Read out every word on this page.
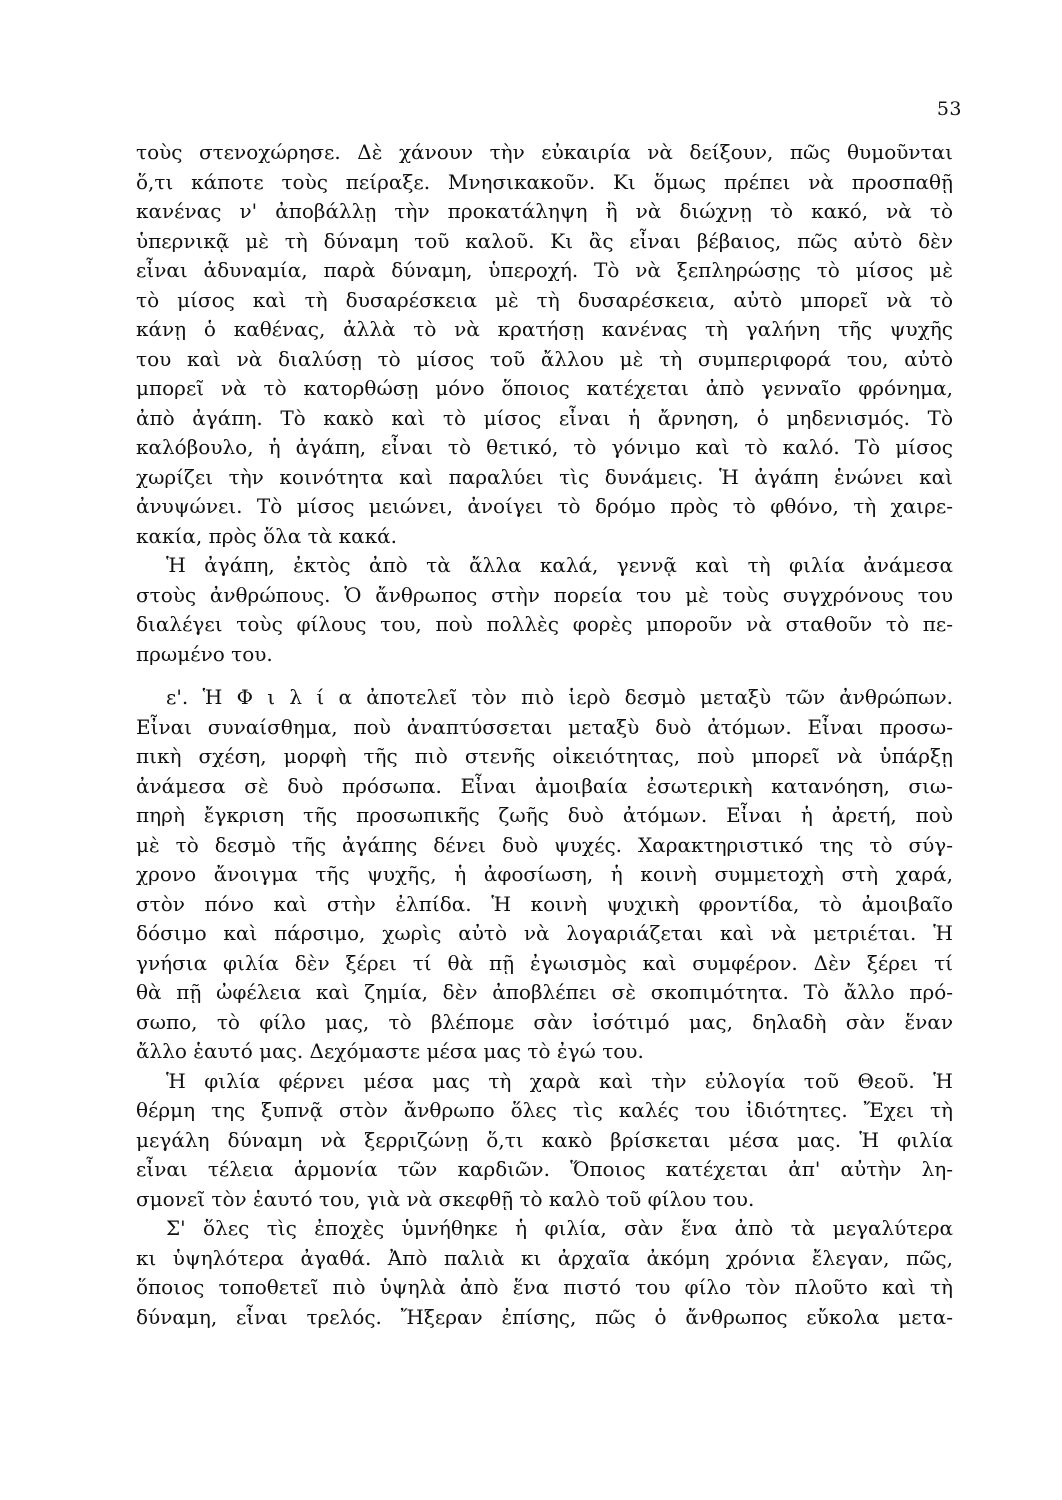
53
τοὺς στενοχώρησε. Δὲ χάνουν τὴν εὐκαιρία νὰ δείξουν, πῶς θυμοῦνται
ὅ,τι κάποτε τοὺς πείραξε. Μνησικακοῦν. Κι ὅμως πρέπει νὰ προσπαθῇ
κανένας ν' ἀποβάλλῃ τὴν προκατάληψη ἢ νὰ διώχνῃ τὸ κακό, νὰ τὸ
ὑπερνικᾷ μὲ τὴ δύναμη τοῦ καλοῦ. Κι ἂς εἶναι βέβαιος, πῶς αὐτὸ δὲν
εἶναι ἀδυναμία, παρὰ δύναμη, ὑπεροχή. Τὸ νὰ ξεπληρώσῃς τὸ μίσος μὲ
τὸ μίσος καὶ τὴ δυσαρέσκεια μὲ τὴ δυσαρέσκεια, αὐτὸ μπορεῖ νὰ τὸ
κάνῃ ὁ καθένας, ἀλλὰ τὸ νὰ κρατήσῃ κανένας τὴ γαλήνη τῆς ψυχῆς
του καὶ νὰ διαλύσῃ τὸ μίσος τοῦ ἄλλου μὲ τὴ συμπεριφορά του, αὐτὸ
μπορεῖ νὰ τὸ κατορθώσῃ μόνο ὅποιος κατέχεται ἀπὸ γενναῖο φρόνημα,
ἀπὸ ἀγάπη. Τὸ κακὸ καὶ τὸ μίσος εἶναι ἡ ἄρνηση, ὁ μηδενισμός. Τὸ
καλόβουλο, ἡ ἀγάπη, εἶναι τὸ θετικό, τὸ γόνιμο καὶ τὸ καλό. Τὸ μίσος
χωρίζει τὴν κοινότητα καὶ παραλύει τὶς δυνάμεις. Ἡ ἀγάπη ἑνώνει καὶ
ἀνυψώνει. Τὸ μίσος μειώνει, ἀνοίγει τὸ δρόμο πρὸς τὸ φθόνο, τὴ χαιρε-
κακία, πρὸς ὅλα τὰ κακά.
Ἡ ἀγάπη, ἐκτὸς ἀπὸ τὰ ἄλλα καλά, γεννᾷ καὶ τὴ φιλία ἀνάμεσα
στοὺς ἀνθρώπους. Ὁ ἄνθρωπος στὴν πορεία του μὲ τοὺς συγχρόνους του
διαλέγει τοὺς φίλους του, ποὺ πολλὲς φορὲς μποροῦν νὰ σταθοῦν τὸ πε-
πρωμένο του.
ε'. Ἡ Φ ι λ ί α ἀποτελεῖ τὸν πιὸ ἱερὸ δεσμὸ μεταξὺ τῶν ἀνθρώπων.
Εἶναι συναίσθημα, ποὺ ἀναπτύσσεται μεταξὺ δυὸ ἀτόμων. Εἶναι προσω-
πικὴ σχέση, μορφὴ τῆς πιὸ στενῆς οἰκειότητας, ποὺ μπορεῖ νὰ ὑπάρξῃ
ἀνάμεσα σὲ δυὸ πρόσωπα. Εἶναι ἀμοιβαία ἐσωτερικὴ κατανόηση, σιω-
πηρὴ ἔγκριση τῆς προσωπικῆς ζωῆς δυὸ ἀτόμων. Εἶναι ἡ ἀρετή, ποὺ
μὲ τὸ δεσμὸ τῆς ἀγάπης δένει δυὸ ψυχές. Χαρακτηριστικό της τὸ σύγ-
χρονο ἄνοιγμα τῆς ψυχῆς, ἡ ἀφοσίωση, ἡ κοινὴ συμμετοχὴ στὴ χαρά,
στὸν πόνο καὶ στὴν ἐλπίδα. Ἡ κοινὴ ψυχικὴ φροντίδα, τὸ ἀμοιβαῖο
δόσιμο καὶ πάρσιμο, χωρὶς αὐτὸ νὰ λογαριάζεται καὶ νὰ μετριέται. Ἡ
γνήσια φιλία δὲν ξέρει τί θὰ πῇ ἐγωισμὸς καὶ συμφέρον. Δὲν ξέρει τί
θὰ πῇ ὠφέλεια καὶ ζημία, δὲν ἀποβλέπει σὲ σκοπιμότητα. Τὸ ἄλλο πρό-
σωπο, τὸ φίλο μας, τὸ βλέπομε σὰν ἰσότιμό μας, δηλαδὴ σὰν ἕναν
ἄλλο ἑαυτό μας. Δεχόμαστε μέσα μας τὸ ἐγώ του.
Ἡ φιλία φέρνει μέσα μας τὴ χαρὰ καὶ τὴν εὐλογία τοῦ Θεοῦ. Ἡ
θέρμη της ξυπνᾷ στὸν ἄνθρωπο ὅλες τὶς καλές του ἰδιότητες. Ἔχει τὴ
μεγάλη δύναμη νὰ ξερριζώνῃ ὅ,τι κακὸ βρίσκεται μέσα μας. Ἡ φιλία
εἶναι τέλεια ἁρμονία τῶν καρδιῶν. Ὅποιος κατέχεται ἀπ' αὐτὴν λη-
σμονεῖ τὸν ἑαυτό του, γιὰ νὰ σκεφθῇ τὸ καλὸ τοῦ φίλου του.
Σ' ὅλες τὶς ἐποχὲς ὑμνήθηκε ἡ φιλία, σὰν ἕνα ἀπὸ τὰ μεγαλύτερα
κι ὑψηλότερα ἀγαθά. Ἀπὸ παλιὰ κι ἀρχαῖα ἀκόμη χρόνια ἔλεγαν, πῶς,
ὅποιος τοποθετεῖ πιὸ ὑψηλὰ ἀπὸ ἕνα πιστό του φίλο τὸν πλοῦτο καὶ τὴ
δύναμη, εἶναι τρελός. Ἤξεραν ἐπίσης, πῶς ὁ ἄνθρωπος εὔκολα μετα-
